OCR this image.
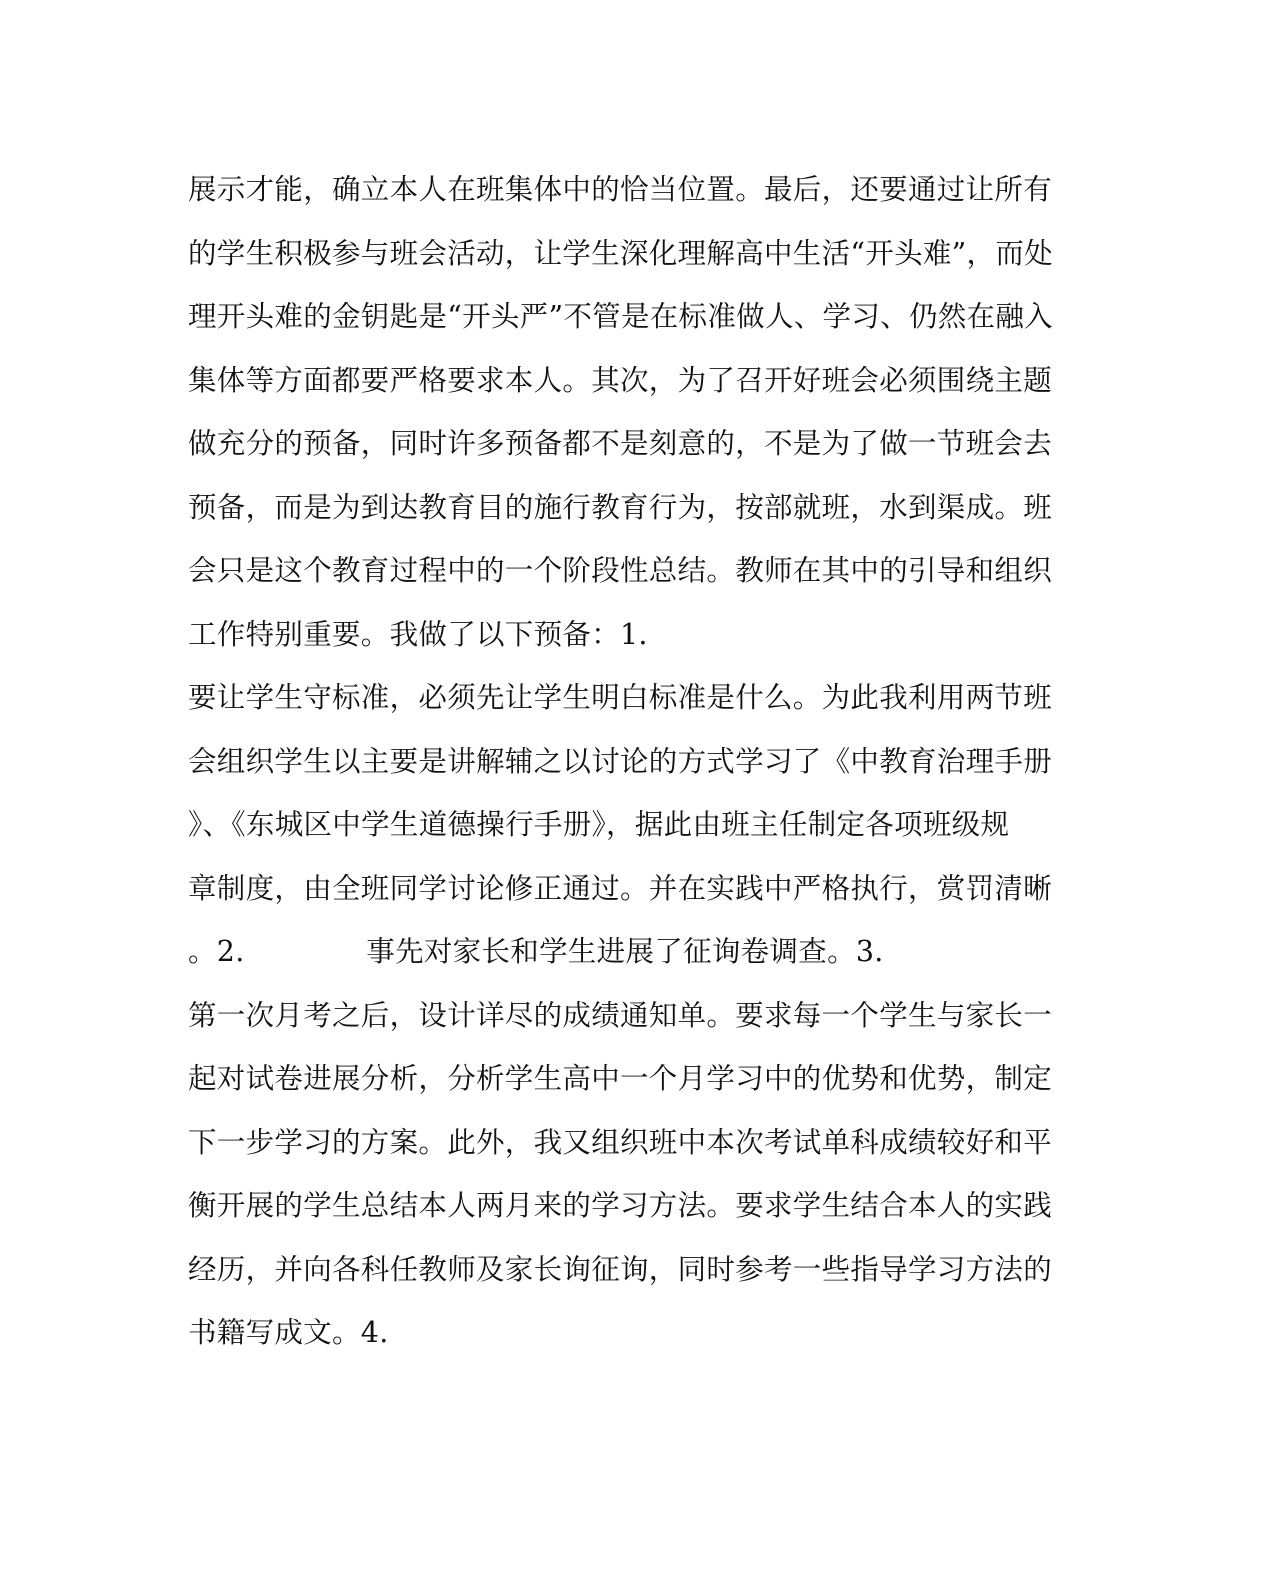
展示才能，确立本人在班集体中的恰当位置。最后，还要通过让所有
的学生积极参与班会活动，让学生深化理解高中生活“开头难”，而处
理开头难的金钥匙是“开头严”不管是在标准做人、学习、仍然在融入
集体等方面都要严格要求本人。其次，为了召开好班会必须围绕主题
做充分的预备，同时许多预备都不是刻意的，不是为了做一节班会去
预备，而是为到达教育目的施行教育行为，按部就班，水到渠成。班
会只是这个教育过程中的一个阶段性总结。教师在其中的引导和组织
工作特别重要。我做了以下预备：1.
要让学生守标准，必须先让学生明白标准是什么。为此我利用两节班
会组织学生以主要是讲解辅之以讨论的方式学习了《中教育治理手册
》、《东城区中学生道德操行手册》，据此由班主任制定各项班级规
章制度，由全班同学讨论修正通过。并在实践中严格执行，赏罚清晰
。2.             事先对家长和学生进展了征询卷调查。3.
第一次月考之后，设计详尽的成绩通知单。要求每一个学生与家长一
起对试卷进展分析，分析学生高中一个月学习中的优势和优势，制定
下一步学习的方案。此外，我又组织班中本次考试单科成绩较好和平
衡开展的学生总结本人两月来的学习方法。要求学生结合本人的实践
经历，并向各科任教师及家长询征询，同时参考一些指导学习方法的
书籍写成文。4.
